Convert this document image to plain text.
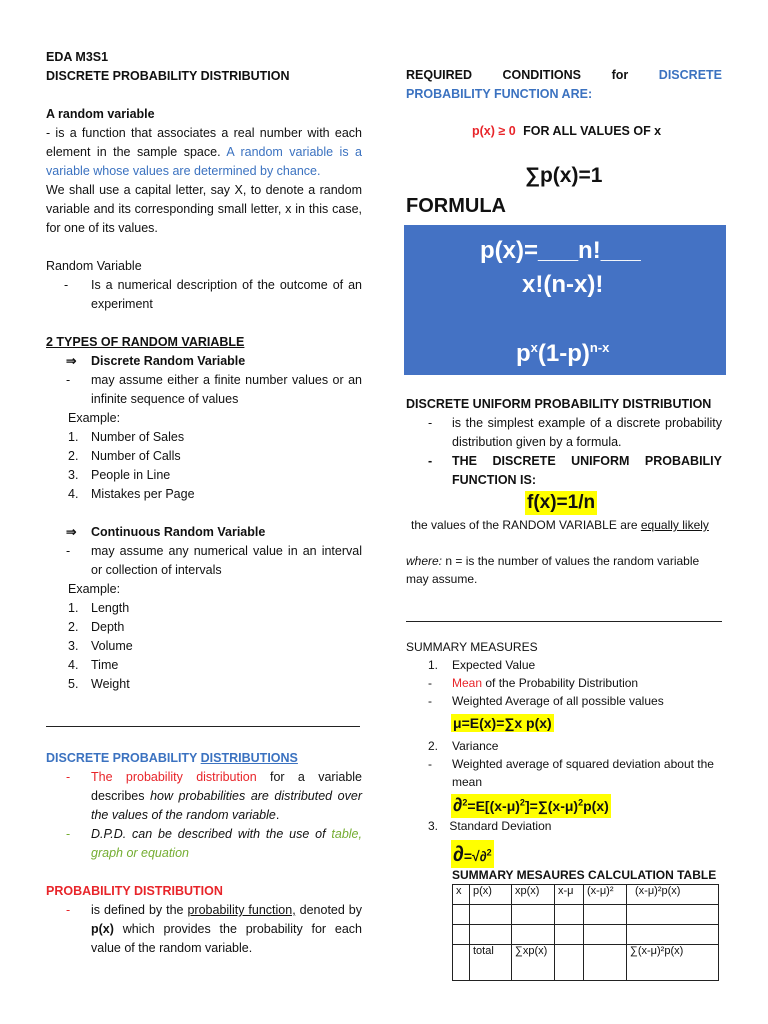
EDA M3S1
DISCRETE PROBABILITY DISTRIBUTION
A random variable
- is a function that associates a real number with each element in the sample space. A random variable is a variable whose values are determined by chance.
We shall use a capital letter, say X, to denote a random variable and its corresponding small letter, x in this case, for one of its values.
Random Variable
- Is a numerical description of the outcome of an experiment
2 TYPES OF RANDOM VARIABLE
⇒ Discrete Random Variable
- may assume either a finite number values or an infinite sequence of values
Example:
1. Number of Sales
2. Number of Calls
3. People in Line
4. Mistakes per Page
⇒ Continuous Random Variable
- may assume any numerical value in an interval or collection of intervals
Example:
1. Length
2. Depth
3. Volume
4. Time
5. Weight
DISCRETE PROBABILITY DISTRIBUTIONS
- The probability distribution for a variable describes how probabilities are distributed over the values of the random variable.
- D.P.D. can be described with the use of table, graph or equation
PROBABILITY DISTRIBUTION
- is defined by the probability function, denoted by p(x) which provides the probability for each value of the random variable.
REQUIRED CONDITIONS for DISCRETE PROBABILITY FUNCTION ARE:
p(x) ≥ 0 FOR ALL VALUES OF x
∑p(x)=1
FORMULA
p(x)=___n!___
x!(n-x)!
$p^x(1-p)^{n-x}$
DISCRETE UNIFORM PROBABILITY DISTRIBUTION
- is the simplest example of a discrete probability distribution given by a formula.
- THE DISCRETE UNIFORM PROBABILIY FUNCTION IS:
f(x)=1/n
the values of the RANDOM VARIABLE are equally likely
where: n = is the number of values the random variable may assume.
SUMMARY MEASURES
1. Expected Value
- Mean of the Probability Distribution
- Weighted Average of all possible values
μ=E(x)=∑x p(x)
2. Variance
- Weighted average of squared deviation about the mean
$\partial^2=E[(x-\mu)^2]=\sum(x-\mu)^2p(x)$
3. Standard Deviation
∂=√∂$^2$
SUMMARY MESAURES CALCULATION TABLE
x	p(x)	xp(x)	x-μ	(x-μ)²	(x-μ)²p(x)

	total	∑xp(x)			∑(x-μ)²p(x)
